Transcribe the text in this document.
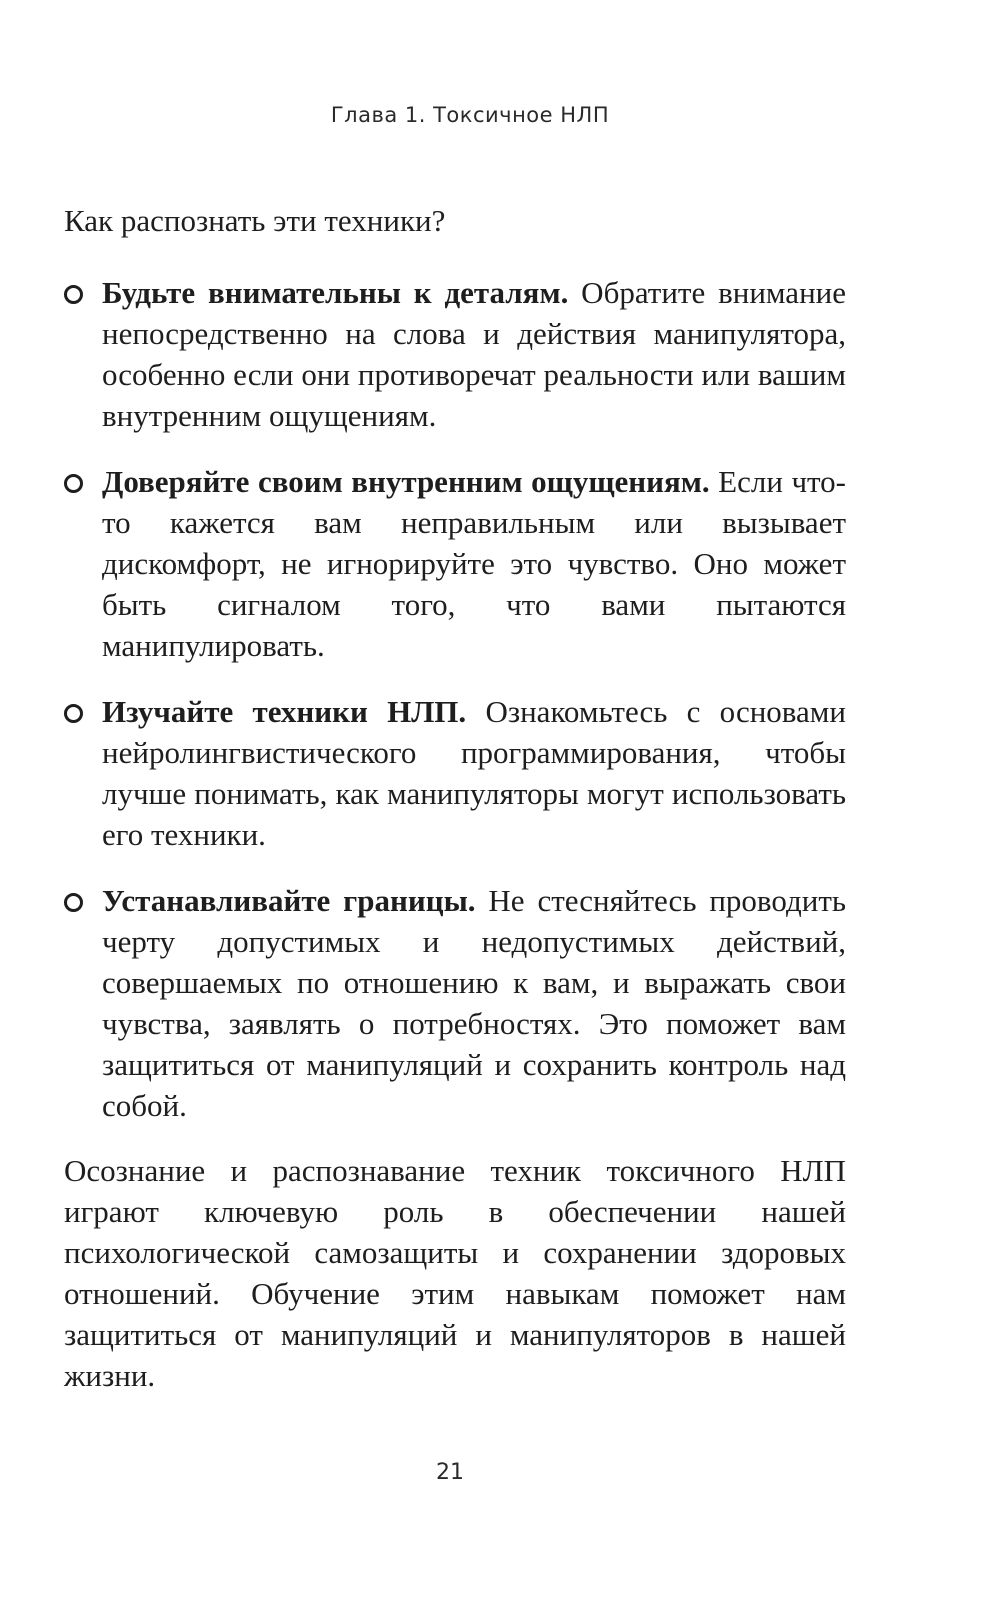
Глава 1. Токсичное НЛП
Как распознать эти техники?
Будьте внимательны к деталям. Обратите внимание непосредственно на слова и действия манипулятора, особенно если они противоречат реальности или вашим внутренним ощущениям.
Доверяйте своим внутренним ощущениям. Если что-то кажется вам неправильным или вызывает дискомфорт, не игнорируйте это чувство. Оно может быть сигналом того, что вами пытаются манипулировать.
Изучайте техники НЛП. Ознакомьтесь с основами нейролингвистического программирования, чтобы лучше понимать, как манипуляторы могут использовать его техники.
Устанавливайте границы. Не стесняйтесь проводить черту допустимых и недопустимых действий, совершаемых по отношению к вам, и выражать свои чувства, заявлять о потребностях. Это поможет вам защититься от манипуляций и сохранить контроль над собой.
Осознание и распознавание техник токсичного НЛП играют ключевую роль в обеспечении нашей психологической самозащиты и сохранении здоровых отношений. Обучение этим навыкам поможет нам защититься от манипуляций и манипуляторов в нашей жизни.
21
